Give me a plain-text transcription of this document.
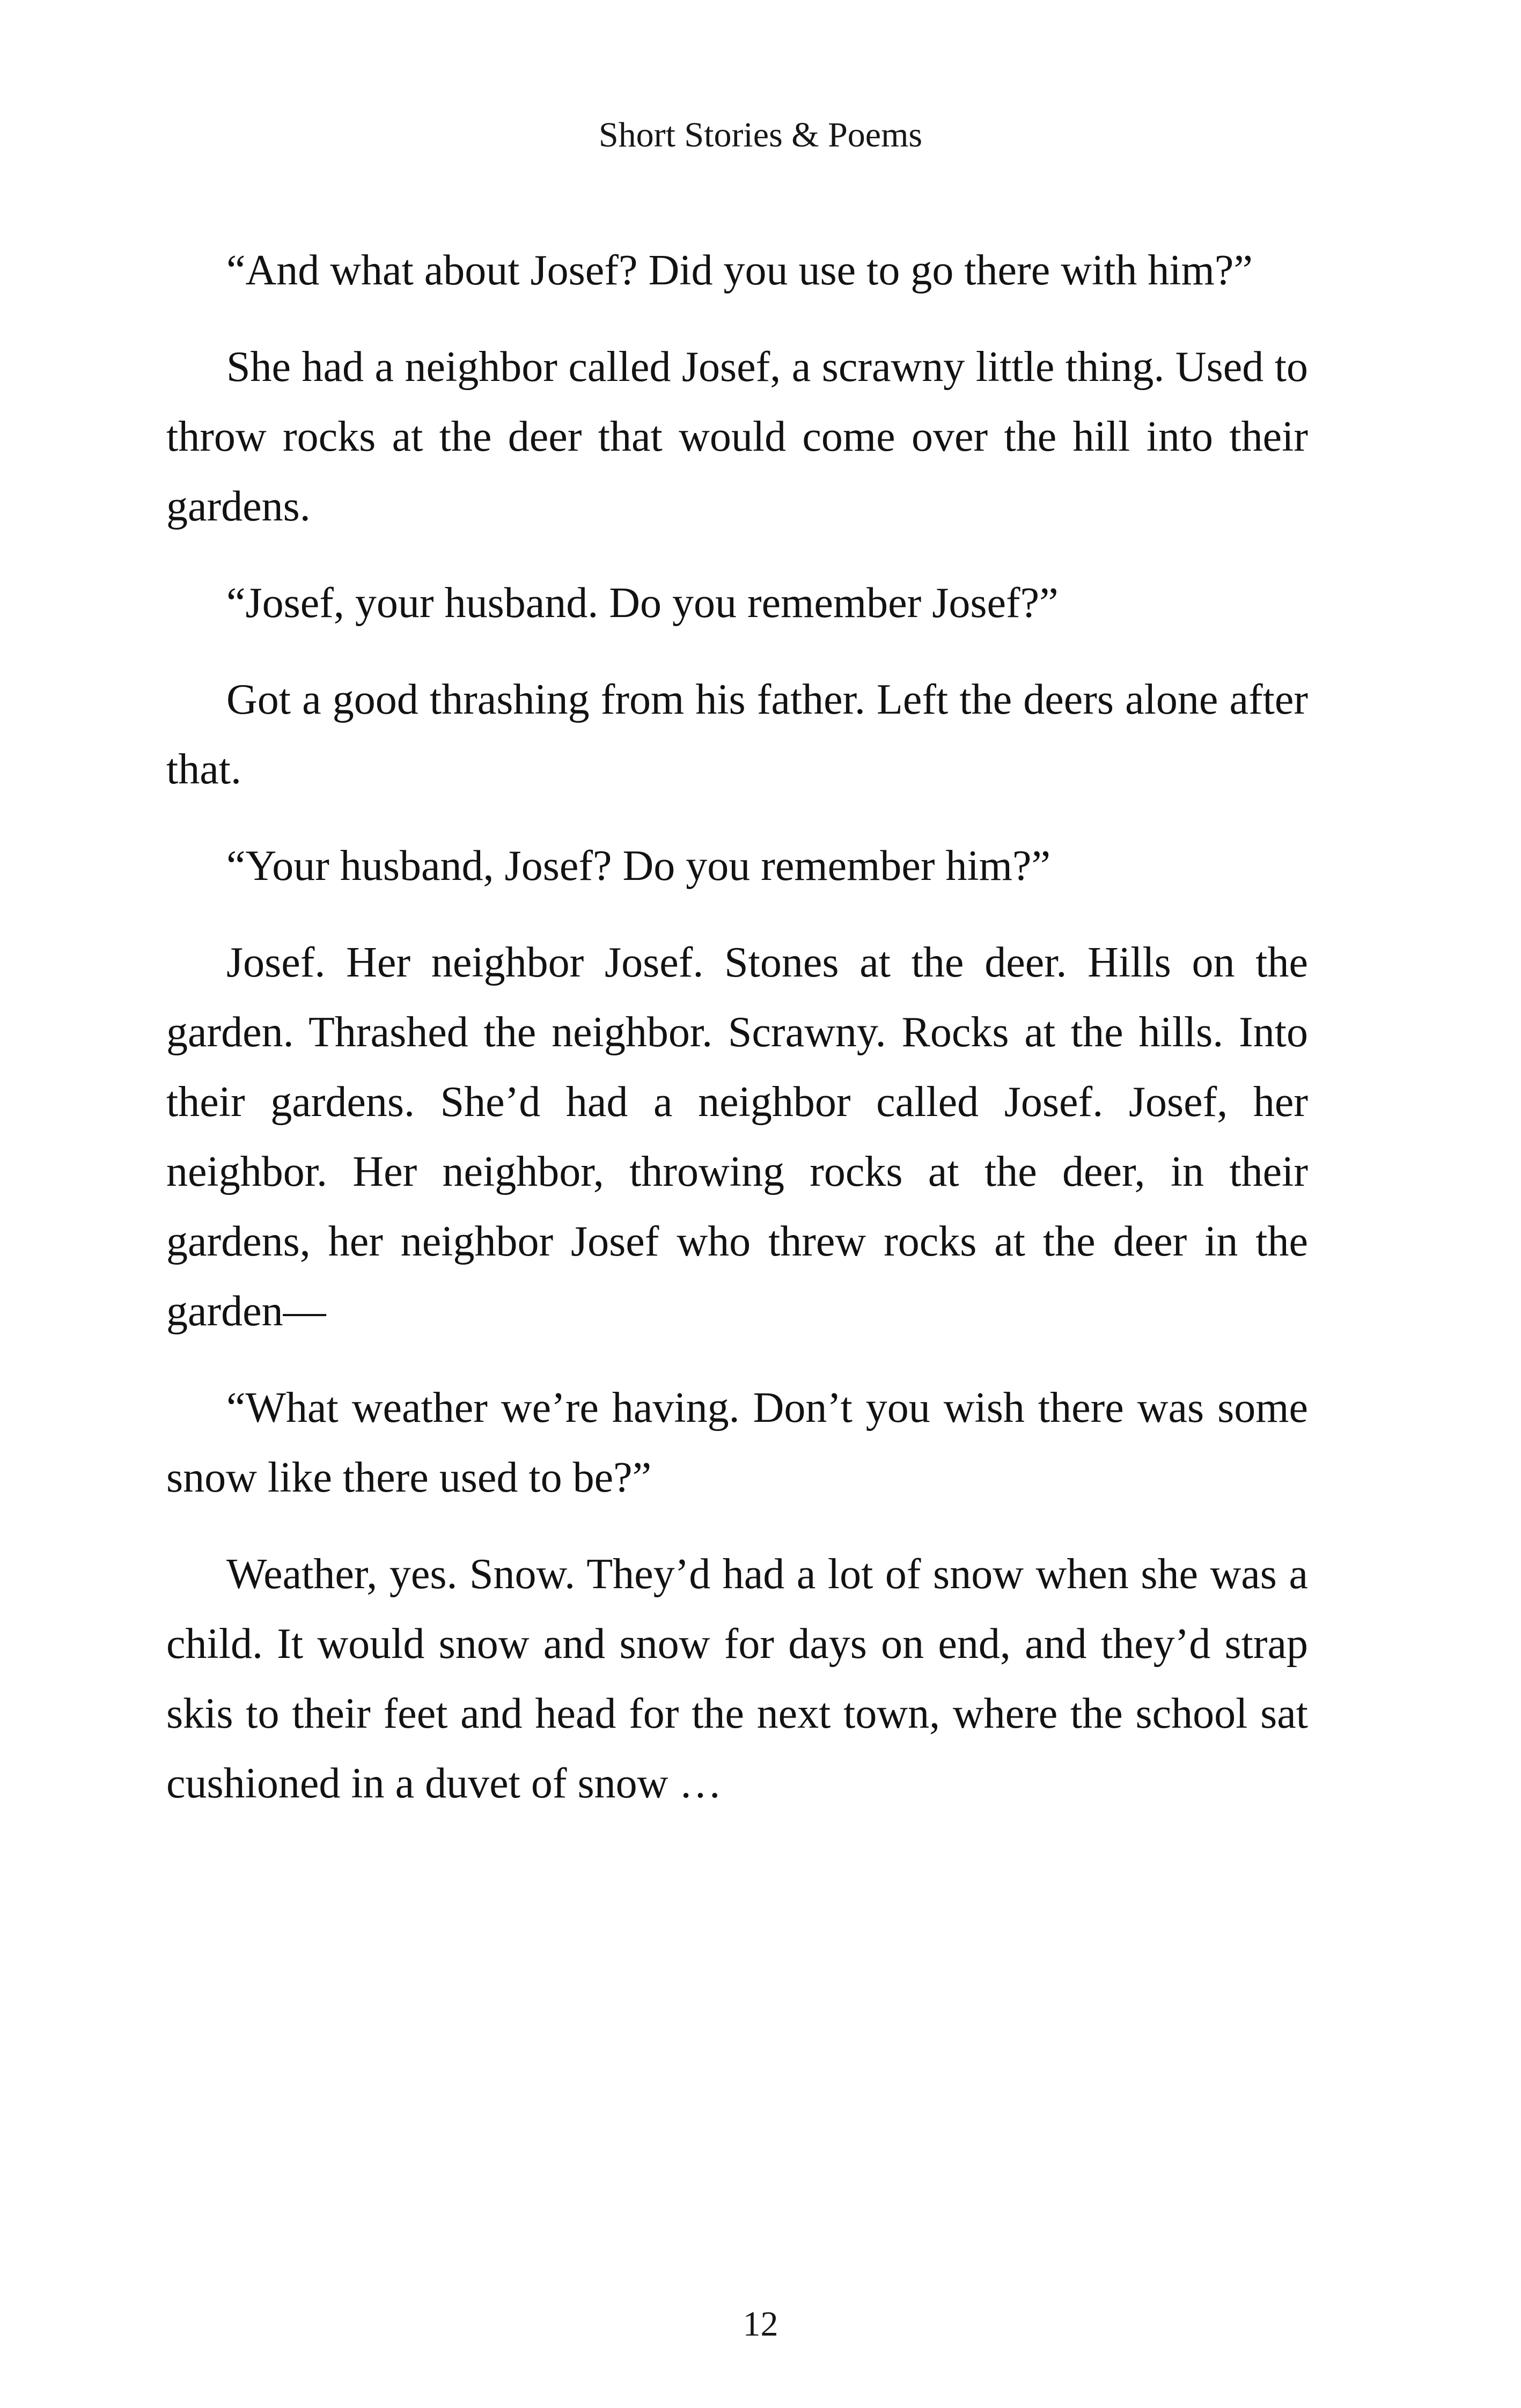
Short Stories & Poems

“And what about Josef? Did you use to go there with him?”

She had a neighbor called Josef, a scrawny little thing. Used to throw rocks at the deer that would come over the hill into their gardens.

“Josef, your husband. Do you remember Josef?”

Got a good thrashing from his father. Left the deers alone after that.

“Your husband, Josef? Do you remember him?”

Josef. Her neighbor Josef. Stones at the deer. Hills on the garden. Thrashed the neighbor. Scrawny. Rocks at the hills. Into their gardens. She’d had a neighbor called Josef. Josef, her neighbor. Her neighbor, throwing rocks at the deer, in their gardens, her neighbor Josef who threw rocks at the deer in the garden—

“What weather we’re having. Don’t you wish there was some snow like there used to be?”

Weather, yes. Snow. They’d had a lot of snow when she was a child. It would snow and snow for days on end, and they’d strap skis to their feet and head for the next town, where the school sat cushioned in a duvet of snow …

12
